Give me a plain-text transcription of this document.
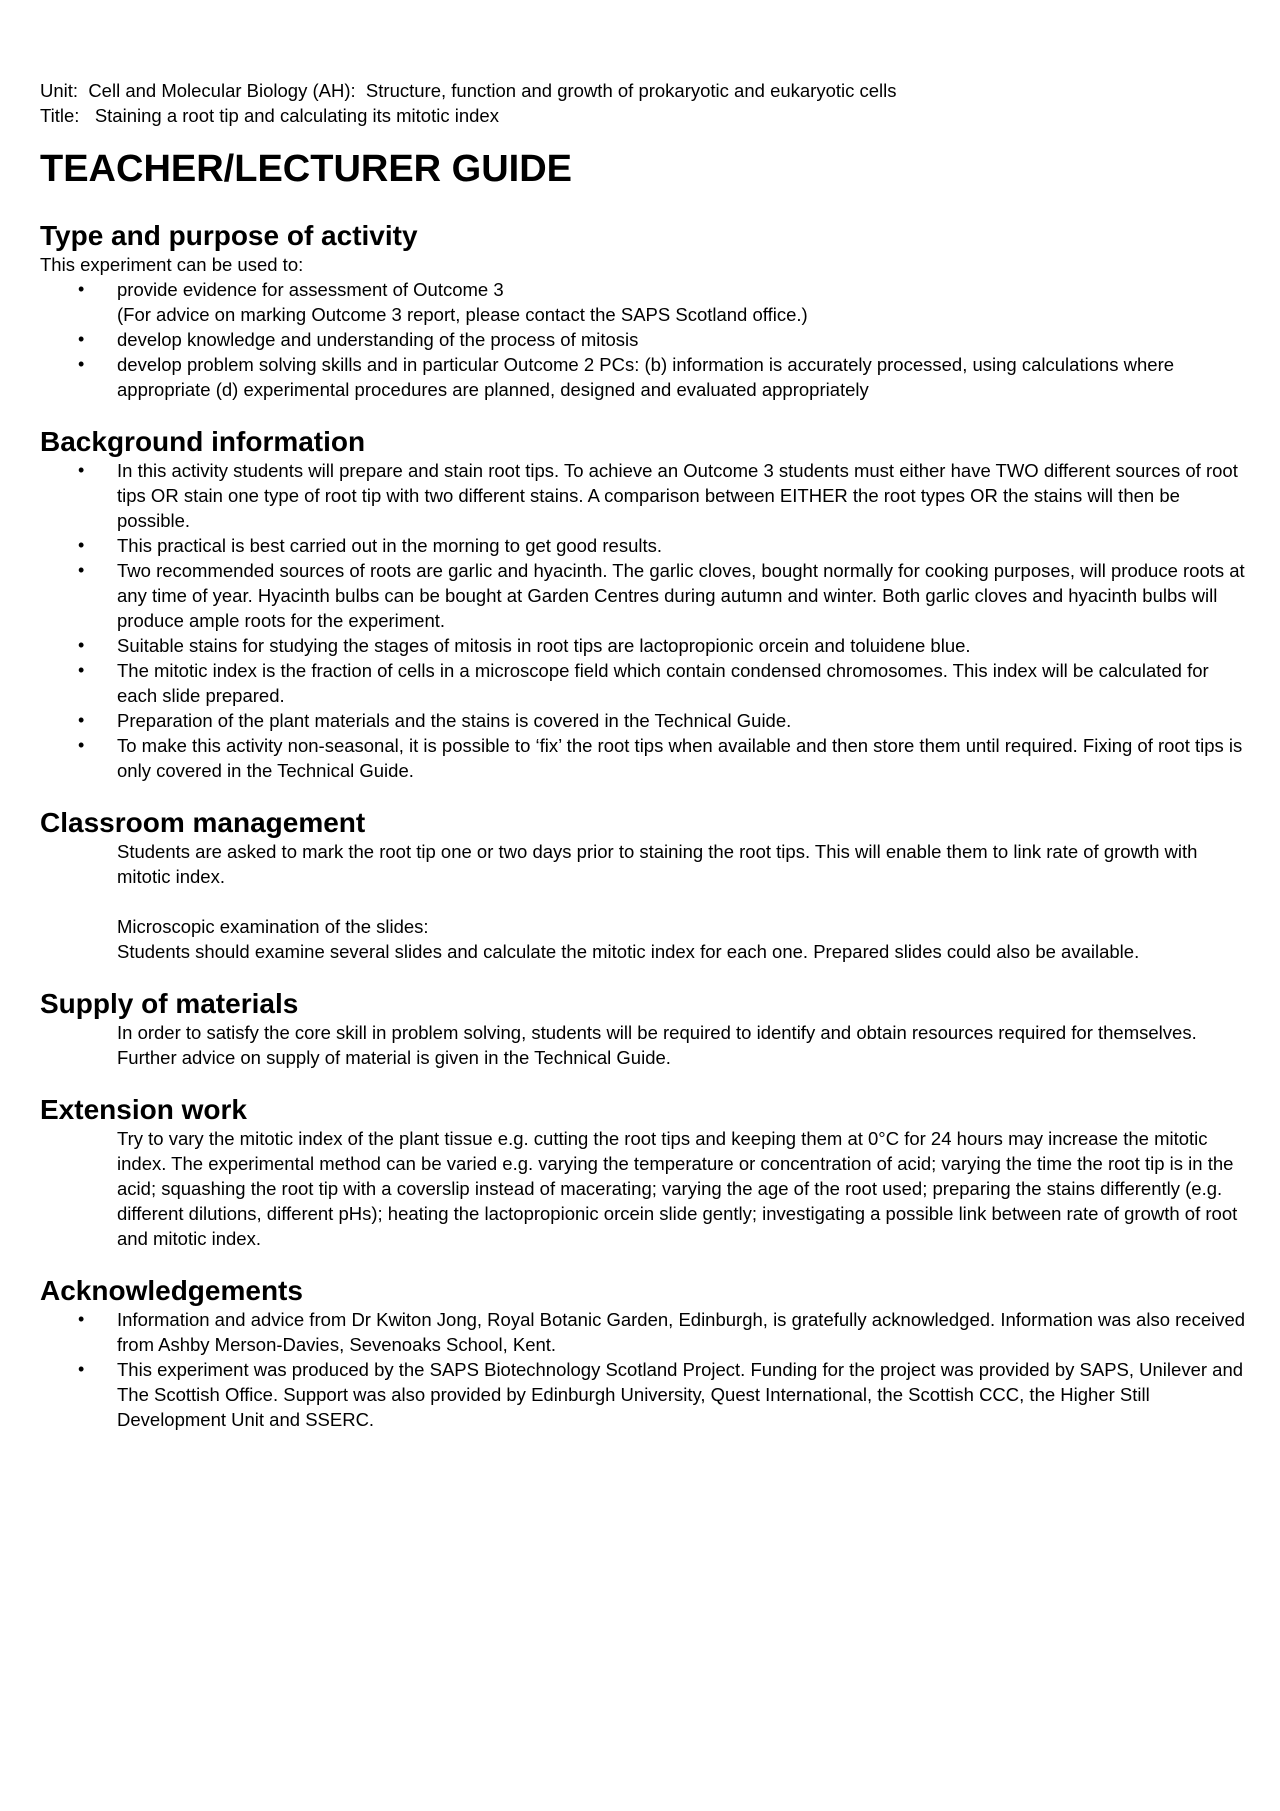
Unit:  Cell and Molecular Biology (AH):  Structure, function and growth of prokaryotic and eukaryotic cells
Title:   Staining a root tip and calculating its mitotic index
TEACHER/LECTURER GUIDE
Type and purpose of activity
This experiment can be used to:
• provide evidence for assessment of Outcome 3
(For advice on marking Outcome 3 report, please contact the SAPS Scotland office.)
• develop knowledge and understanding of the process of mitosis
• develop problem solving skills and in particular Outcome 2 PCs: (b) information is accurately processed, using calculations where appropriate (d) experimental procedures are planned, designed and evaluated appropriately
Background information
• In this activity students will prepare and stain root tips. To achieve an Outcome 3 students must either have TWO different sources of root tips OR stain one type of root tip with two different stains. A comparison between EITHER the root types OR the stains will then be possible.
• This practical is best carried out in the morning to get good results.
• Two recommended sources of roots are garlic and hyacinth. The garlic cloves, bought normally for cooking purposes, will produce roots at any time of year. Hyacinth bulbs can be bought at Garden Centres during autumn and winter. Both garlic cloves and hyacinth bulbs will produce ample roots for the experiment.
• Suitable stains for studying the stages of mitosis in root tips are lactopropionic orcein and toluidene blue.
• The mitotic index is the fraction of cells in a microscope field which contain condensed chromosomes. This index will be calculated for each slide prepared.
• Preparation of the plant materials and the stains is covered in the Technical Guide.
• To make this activity non-seasonal, it is possible to ‘fix’ the root tips when available and then store them until required. Fixing of root tips is only covered in the Technical Guide.
Classroom management
Students are asked to mark the root tip one or two days prior to staining the root tips. This will enable them to link rate of growth with mitotic index.
Microscopic examination of the slides:
Students should examine several slides and calculate the mitotic index for each one. Prepared slides could also be available.
Supply of materials
In order to satisfy the core skill in problem solving, students will be required to identify and obtain resources required for themselves. Further advice on supply of material is given in the Technical Guide.
Extension work
Try to vary the mitotic index of the plant tissue e.g. cutting the root tips and keeping them at 0°C for 24 hours may increase the mitotic index. The experimental method can be varied e.g. varying the temperature or concentration of acid; varying the time the root tip is in the acid; squashing the root tip with a coverslip instead of macerating; varying the age of the root used; preparing the stains differently (e.g. different dilutions, different pHs); heating the lactopropionic orcein slide gently; investigating a possible link between rate of growth of root and mitotic index.
Acknowledgements
• Information and advice from Dr Kwiton Jong, Royal Botanic Garden, Edinburgh, is gratefully acknowledged. Information was also received from Ashby Merson-Davies, Sevenoaks School, Kent.
• This experiment was produced by the SAPS Biotechnology Scotland Project. Funding for the project was provided by SAPS, Unilever and The Scottish Office. Support was also provided by Edinburgh University, Quest International, the Scottish CCC, the Higher Still Development Unit and SSERC.
